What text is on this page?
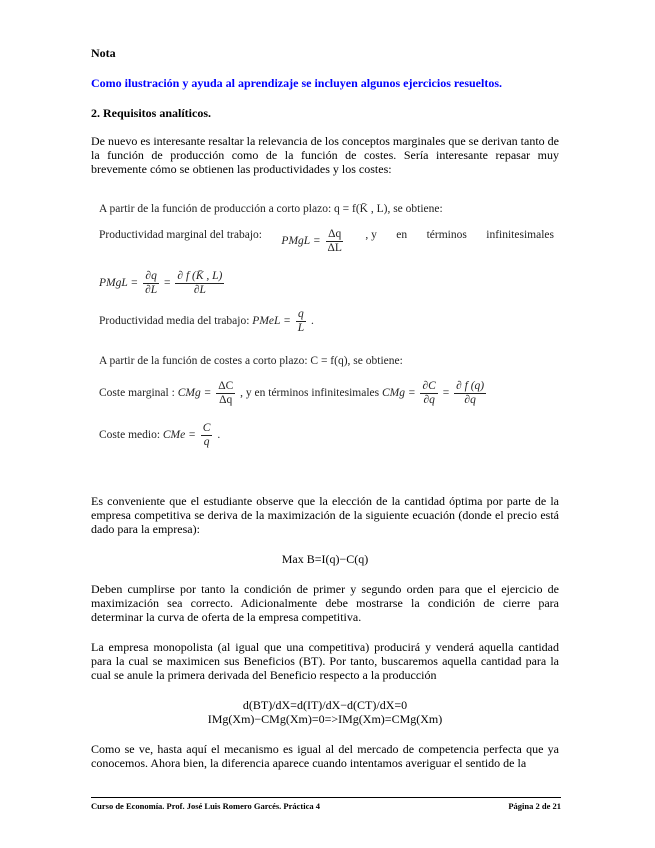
Nota

Como ilustración y ayuda al aprendizaje se incluyen algunos ejercicios resueltos.

2. Requisitos analíticos.

De nuevo es interesante resaltar la relevancia de los conceptos marginales que se derivan tanto de la función de producción como de la función de costes. Sería interesante repasar muy brevemente cómo se obtienen las productividades y los costes:

A partir de la función de producción a corto plazo: q = f(K̄ , L), se obtiene:
Productividad marginal del trabajo:
PMgL = $\frac{\Delta q}{\Delta L}$ , y en términos infinitesimales
PMgL = $\frac{\partial q}{\partial L} = \frac{\partial f (K̄ , L)}{\partial L}$
Productividad media del trabajo: PMeL = $\frac{q}{L}$ .
A partir de la función de costes a corto plazo: C = f(q), se obtiene:
Coste marginal : CMg = $\frac{\Delta C}{\Delta q}$ , y en términos infinitesimales CMg = $\frac{\partial C}{\partial q} = \frac{\partial f (q)}{\partial q}$
Coste medio: CMe = $\frac{C}{q}$ .

Es conveniente que el estudiante observe que la elección de la cantidad óptima por parte de la empresa competitiva se deriva de la maximización de la siguiente ecuación (donde el precio está dado para la empresa):

Max B=I(q)−C(q)

Deben cumplirse por tanto la condición de primer y segundo orden para que el ejercicio de maximización sea correcto. Adicionalmente debe mostrarse la condición de cierre para determinar la curva de oferta de la empresa competitiva.

La empresa monopolista (al igual que una competitiva) producirá y venderá aquella cantidad para la cual se maximicen sus Beneficios (BT). Por tanto, buscaremos aquella cantidad para la cual se anule la primera derivada del Beneficio respecto a la producción

d(BT)/dX=d(IT)/dX−d(CT)/dX=0

IMg(Xm)−CMg(Xm)=0=>IMg(Xm)=CMg(Xm)

Como se ve, hasta aquí el mecanismo es igual al del mercado de competencia perfecta que ya conocemos. Ahora bien, la diferencia aparece cuando intentamos averiguar el sentido de la

Curso de Economía. Prof. José Luis Romero Garcés. Práctica 4	Página 2 de 21
